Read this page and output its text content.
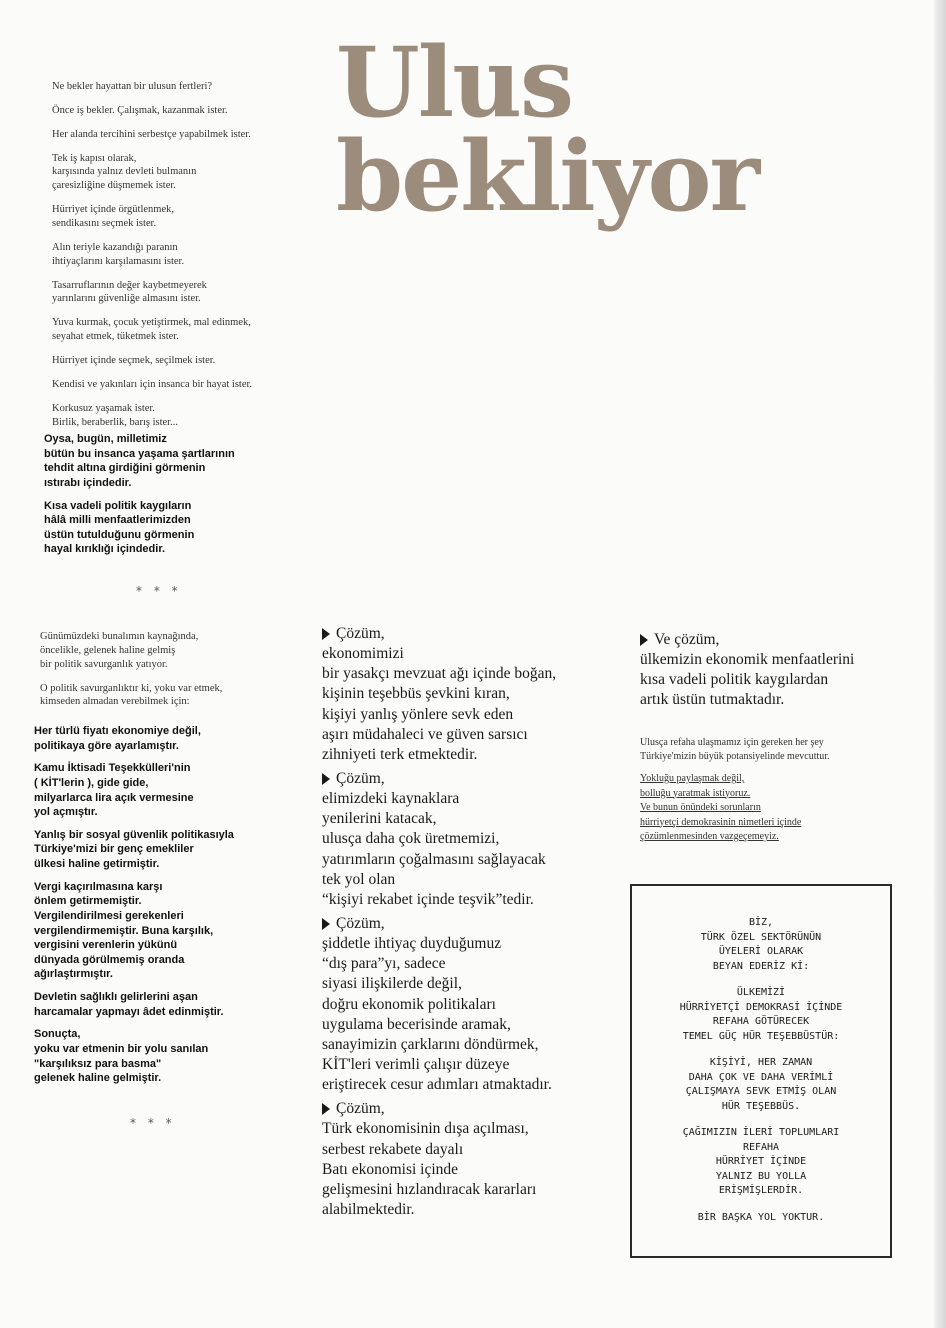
Ulus
bekliyor

Ne bekler hayattan bir ulusun fertleri?

Önce iş bekler. Çalışmak, kazanmak ister.

Her alanda tercihini serbestçe yapabilmek ister.

Tek iş kapısı olarak,
karşısında yalnız devleti bulmanın
çaresizliğine düşmemek ister.

Hürriyet içinde örgütlenmek,
sendikasını seçmek ister.

Alın teriyle kazandığı paranın
ihtiyaçlarını karşılamasını ister.

Tasarruflarının değer kaybetmeyerek
yarınlarını güvenliğe almasını ister.

Yuva kurmak, çocuk yetiştirmek, mal edinmek,
seyahat etmek, tüketmek ister.

Hürriyet içinde seçmek, seçilmek ister.

Kendisi ve yakınları için insanca bir hayat ister.

Korkusuz yaşamak ister.
Birlik, beraberlik, barış ister...

Oysa, bugün, milletimiz
bütün bu insanca yaşama şartlarının
tehdit altına girdiğini görmenin
ıstırabı içindedir.

Kısa vadeli politik kaygıların
hâlâ milli menfaatlerimizden
üstün tutulduğunu görmenin
hayal kırıklığı içindedir.

* * *

Günümüzdeki bunalımın kaynağında,
öncelikle, gelenek haline gelmiş
bir politik savurganlık yatıyor.

O politik savurganlıktır ki, yoku var etmek,
kimseden almadan verebilmek için:

Her türlü fiyatı ekonomiye değil,
politikaya göre ayarlamıştır.

Kamu İktisadi Teşekkülleri'nin
( KİT'lerin ), gide gide,
milyarlarca lira açık vermesine
yol açmıştır.

Yanlış bir sosyal güvenlik politikasıyla
Türkiye'mizi bir genç emekliler
ülkesi haline getirmiştir.

Vergi kaçırılmasına karşı
önlem getirmemiştir.
Vergilendirilmesi gerekenleri
vergilendirmemiştir. Buna karşılık,
vergisini verenlerin yükünü
dünyada görülmemiş oranda
ağırlaştırmıştır.

Devletin sağlıklı gelirlerini aşan
harcamalar yapmayı âdet edinmiştir.

Sonuçta,
yoku var etmenin bir yolu sanılan
"karşılıksız para basma"
gelenek haline gelmiştir.

* * *
Çözüm,
ekonomimizi
bir yasakçı mevzuat ağı içinde boğan,
kişinin teşebbüs şevkini kıran,
kişiyi yanlış yönlere sevk eden
aşırı müdahaleci ve güven sarsıcı
zihniyeti terk etmektedir.
Çözüm,
elimizdeki kaynaklara
yenilerini katacak,
ulusça daha çok üretmemizi,
yatırımların çoğalmasını sağlayacak
tek yol olan
“kişiyi rekabet içinde teşvik”tedir.
Çözüm,
şiddetle ihtiyaç duyduğumuz
“dış para”yı, sadece
siyasi ilişkilerde değil,
doğru ekonomik politikaları
uygulama becerisinde aramak,
sanayimizin çarklarını döndürmek,
KİT'leri verimli çalışır düzeye
eriştirecek cesur adımları atmaktadır.
Çözüm,
Türk ekonomisinin dışa açılması,
serbest rekabete dayalı
Batı ekonomisi içinde
gelişmesini hızlandıracak kararları
alabilmektedir.
Ve çözüm,
ülkemizin ekonomik menfaatlerini
kısa vadeli politik kaygılardan
artık üstün tutmaktadır.
Ulusça refaha ulaşmamız için gereken her şey
Türkiye'mizin büyük potansiyelinde mevcuttur.
Yokluğu paylaşmak değil,
bolluğu yaratmak istiyoruz.
Ve bunun önündeki sorunların
hürriyetçi demokrasinin nimetleri içinde
çözümlenmesinden vazgeçemeyiz.

BİZ,
TÜRK ÖZEL SEKTÖRÜNÜN
ÜYELERİ OLARAK
BEYAN EDERİZ Kİ:

ÜLKEMİZİ
HÜRRİYETÇİ DEMOKRASİ İÇİNDE
REFAHA GÖTÜRECEK
TEMEL GÜÇ HÜR TEŞEBBÜSTÜR:

KİŞİYİ, HER ZAMAN
DAHA ÇOK VE DAHA VERİMLİ
ÇALIŞMAYA SEVK ETMİŞ OLAN
HÜR TEŞEBBÜS.

ÇAĞIMIZIN İLERİ TOPLUMLARI
REFAHA
HÜRRİYET İÇİNDE
YALNIZ BU YOLLA
ERİŞMİŞLERDİR.

BİR BAŞKA YOL YOKTUR.
